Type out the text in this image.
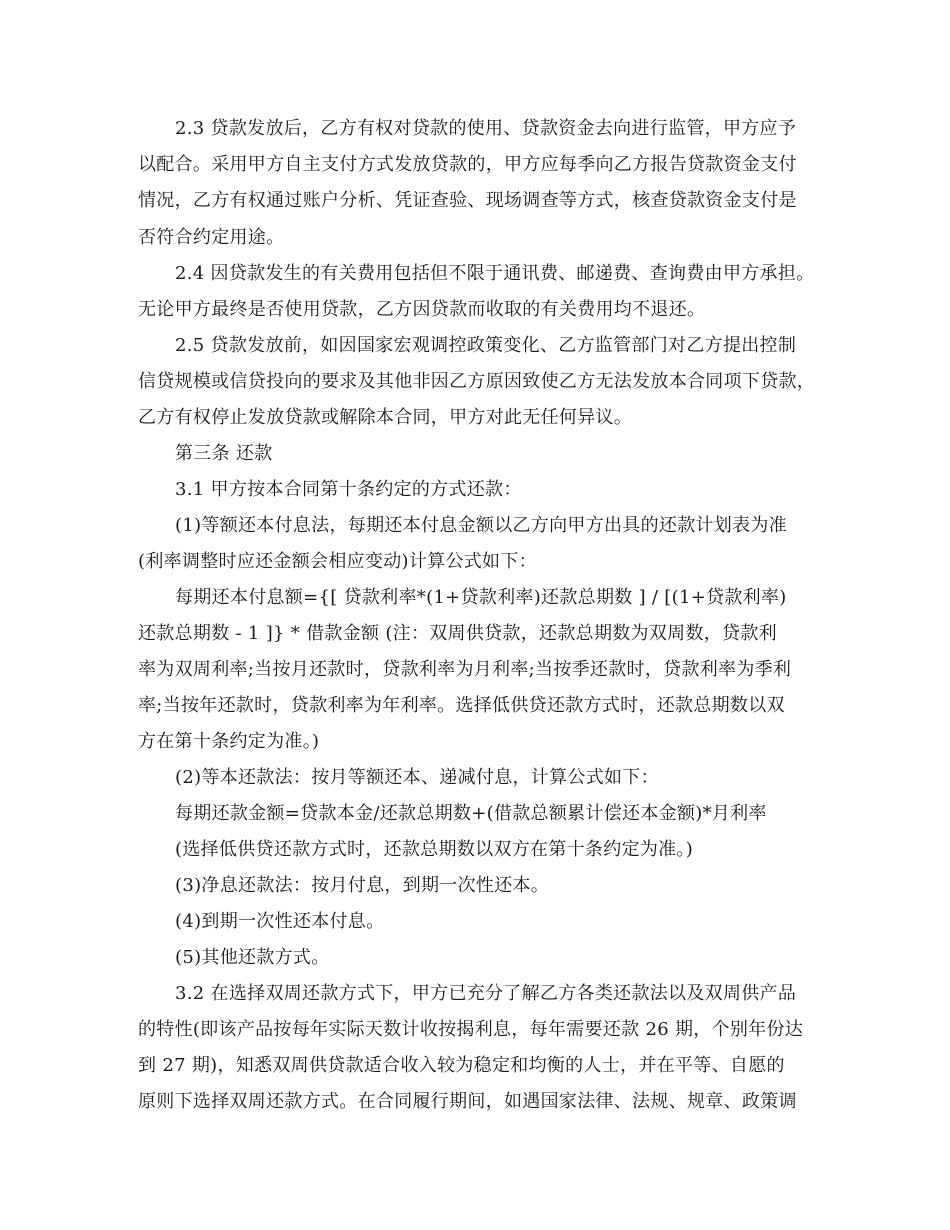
2.3 贷款发放后，乙方有权对贷款的使用、贷款资金去向进行监管，甲方应予
以配合。采用甲方自主支付方式发放贷款的，甲方应每季向乙方报告贷款资金支付
情况，乙方有权通过账户分析、凭证查验、现场调查等方式，核查贷款资金支付是
否符合约定用途。
2.4 因贷款发生的有关费用包括但不限于通讯费、邮递费、查询费由甲方承担。
无论甲方最终是否使用贷款，乙方因贷款而收取的有关费用均不退还。
2.5 贷款发放前，如因国家宏观调控政策变化、乙方监管部门对乙方提出控制
信贷规模或信贷投向的要求及其他非因乙方原因致使乙方无法发放本合同项下贷款，
乙方有权停止发放贷款或解除本合同，甲方对此无任何异议。
第三条 还款
3.1 甲方按本合同第十条约定的方式还款：
(1)等额还本付息法，每期还本付息金额以乙方向甲方出具的还款计划表为准
(利率调整时应还金额会相应变动)计算公式如下：
每期还本付息额={[ 贷款利率*(1+贷款利率)还款总期数 ] / [(1+贷款利率)
还款总期数 - 1 ]} * 借款金额 (注：双周供贷款，还款总期数为双周数，贷款利
率为双周利率;当按月还款时，贷款利率为月利率;当按季还款时，贷款利率为季利
率;当按年还款时，贷款利率为年利率。选择低供贷还款方式时，还款总期数以双
方在第十条约定为准。)
(2)等本还款法：按月等额还本、递减付息，计算公式如下：
每期还款金额=贷款本金/还款总期数+(借款总额累计偿还本金额)*月利率
(选择低供贷还款方式时，还款总期数以双方在第十条约定为准。)
(3)净息还款法：按月付息，到期一次性还本。
(4)到期一次性还本付息。
(5)其他还款方式。
3.2 在选择双周还款方式下，甲方已充分了解乙方各类还款法以及双周供产品
的特性(即该产品按每年实际天数计收按揭利息，每年需要还款 26 期，个别年份达
到 27 期)，知悉双周供贷款适合收入较为稳定和均衡的人士，并在平等、自愿的
原则下选择双周还款方式。在合同履行期间，如遇国家法律、法规、规章、政策调
